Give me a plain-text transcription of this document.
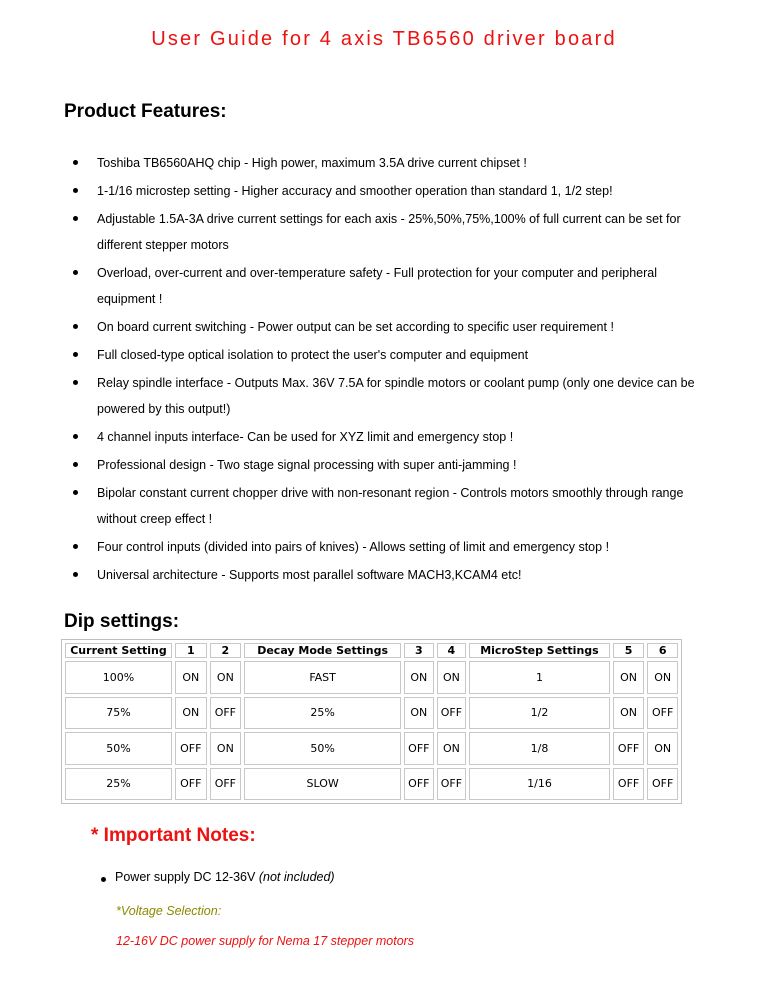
User Guide for 4 axis TB6560 driver board
Product Features:
Toshiba TB6560AHQ chip - High power, maximum 3.5A drive current chipset !
1-1/16 microstep setting - Higher accuracy and smoother operation than standard 1, 1/2 step!
Adjustable 1.5A-3A drive current settings for each axis - 25%,50%,75%,100% of full current can be set for different stepper motors
Overload, over-current and over-temperature safety - Full protection for your computer and peripheral equipment !
On board current switching - Power output can be set according to specific user requirement !
Full closed-type optical isolation to protect the user's computer and equipment
Relay spindle interface - Outputs Max. 36V 7.5A for spindle motors or coolant pump (only one device can be powered by this output!)
4 channel inputs interface- Can be used for XYZ limit and emergency stop !
Professional design - Two stage signal processing with super anti-jamming !
Bipolar constant current chopper drive with non-resonant region - Controls motors smoothly through range without creep effect !
Four control inputs (divided into pairs of knives) - Allows setting of limit and emergency stop !
Universal architecture - Supports most parallel software MACH3,KCAM4 etc!
Dip settings:
Current Setting	1	2	Decay Mode Settings	3	4	MicroStep Settings	5	6
100%	ON	ON	FAST	ON	ON	1	ON	ON
75%	ON	OFF	25%	ON	OFF	1/2	ON	OFF
50%	OFF	ON	50%	OFF	ON	1/8	OFF	ON
25%	OFF	OFF	SLOW	OFF	OFF	1/16	OFF	OFF
* Important Notes:
Power supply DC 12-36V (not included)
*Voltage Selection:
12-16V DC power supply for Nema 17 stepper motors
